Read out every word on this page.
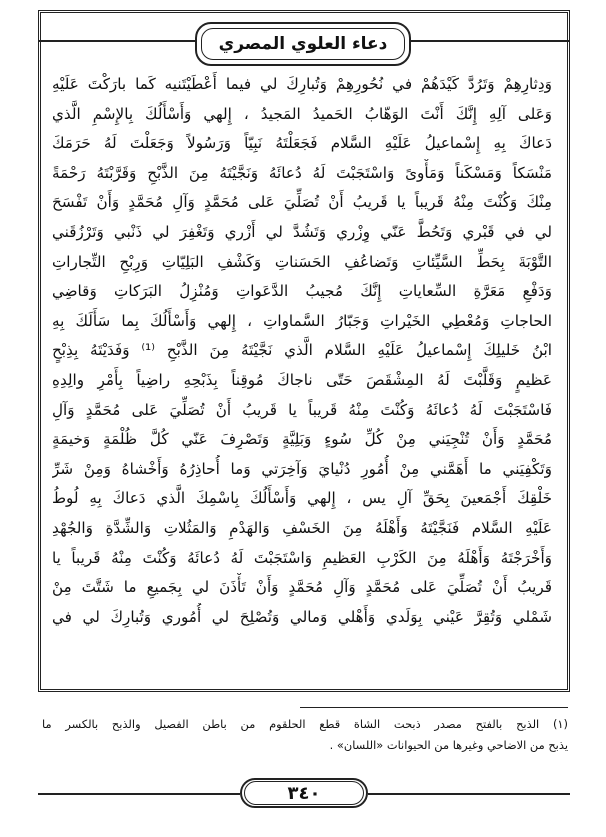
دعاء العلوي المصري
وَدِثارِهِمْ وَتَرُدَّ كَيْدَهُمْ في نُحُورِهِمْ وَتُبارِكَ لي فيما أَعْطَيْتَنيه كَما بارَكْتَ عَلَيْهِ
وَعَلى آلِهِ إِنَّكَ أَنْتَ الوَهّابُ الحَميدُ المَجيدُ ، إِلهي وَأَسْأَلُكَ بِالإِسْمِ الَّذي
دَعاكَ بِهِ إِسْماعيلُ عَلَيْهِ السَّلام فَجَعَلْتَهُ نَبِيّاً وَرَسُولاً وَجَعَلْتَ لَهُ حَرَمَكَ
مَنْسَكاً وَمَسْكَناً وَمَأْوىً وَاسْتَجَبْتَ لَهُ دُعائَهُ وَنَجَّيْتَهُ مِنَ الذَّبْحِ وَقَرَّبْتَهُ رَحْمَةً
مِنْكَ وَكُنْتَ مِنْهُ قَريباً يا قَريبُ أَنْ تُصَلِّيَ عَلى مُحَمَّدٍ وَآلِ مُحَمَّدٍ وَأَنْ تَفْسَحَ
لي في قَبْري وَتَحُطَّ عَنّي وِزْري وَتَشُدَّ لي أَزْري وَتَغْفِرَ لي ذَنْبي وَتَرْزُقَني
التَّوْبَةَ بِحَطِّ السَّيِّئاتِ وَتَضاعُفِ الحَسَناتِ وَكَشْفِ البَلِيّاتِ وَرِبْحِ التِّجاراتِ
وَدَفْعِ مَعَرَّةِ السِّعاياتِ إِنَّكَ مُجيبُ الدَّعَواتِ وَمُنْزِلُ البَرَكاتِ وَقاضِي
الحاجاتِ وَمُعْطِي الخَيْراتِ وَجَبّارُ السَّماواتِ ، إِلهي وَأَسْأَلُكَ بِما سَأَلَكَ بِهِ
ابْنُ خَليلِكَ إِسْماعيلُ عَلَيْهِ السَّلام الَّذي نَجَّيْتَهُ مِنَ الذَّبْحِ ⁽¹⁾ وَفَدَيْتَهُ بِذِبْحٍ
عَظيمٍ وَقَلَّبْتَ لَهُ المِشْقَصَ حَتّى ناجاكَ مُوقِناً بِذَبْحِهِ راضِياً بِأَمْرِ والِدِهِ
فَاسْتَجَبْتَ لَهُ دُعائَهُ وَكُنْتَ مِنْهُ قَريباً يا قَريبُ أَنْ تُصَلِّيَ عَلى مُحَمَّدٍ وَآلِ
مُحَمَّدٍ وَأَنْ تُنْجِيَني مِنْ كُلِّ سُوءٍ وَبَلِيَّةٍ وَتَصْرِفَ عَنّي كُلَّ ظُلْمَةٍ وَخيمَةٍ
وَتَكْفِيَني ما أَهَمَّني مِنْ أُمُورِ دُنْيايَ وَآخِرَتي وَما أُحاذِرُهُ وَأَخْشاهُ وَمِنْ شَرِّ
خَلْقِكَ أَجْمَعينَ بِحَقِّ آلِ يس ، إِلهي وَأَسْأَلُكَ بِاسْمِكَ الَّذي دَعاكَ بِهِ لُوطُ
عَلَيْهِ السَّلام فَنَجَّيْتَهُ وَأَهْلَهُ مِنَ الخَسْفِ وَالهَدْمِ وَالمَثُلاتِ وَالشِّدَّةِ وَالجُهْدِ
وَأَخْرَجْتَهُ وَأَهْلَهُ مِنَ الكَرْبِ العَظيمِ وَاسْتَجَبْتَ لَهُ دُعائَهُ وَكُنْتَ مِنْهُ قَريباً يا
قَريبُ أَنْ تُصَلِّيَ عَلى مُحَمَّدٍ وَآلِ مُحَمَّدٍ وَأَنْ تَأْذَنَ لي بِجَميعِ ما شَتَّتَ مِنْ
شَمْلي وَتُقِرَّ عَيْني بِوَلَدي وَأَهْلي وَمالي وَتُصْلِحَ لي أُمُوري وَتُبارِكَ لي في
(١) الذبح بالفتح مصدر ذبحت الشاة قطع الحلقوم من باطن الفصيل والذبح بالكسر ما
يذبح من الاضاحي وغيرها من الحيوانات «اللسان» .
٣٤٠
